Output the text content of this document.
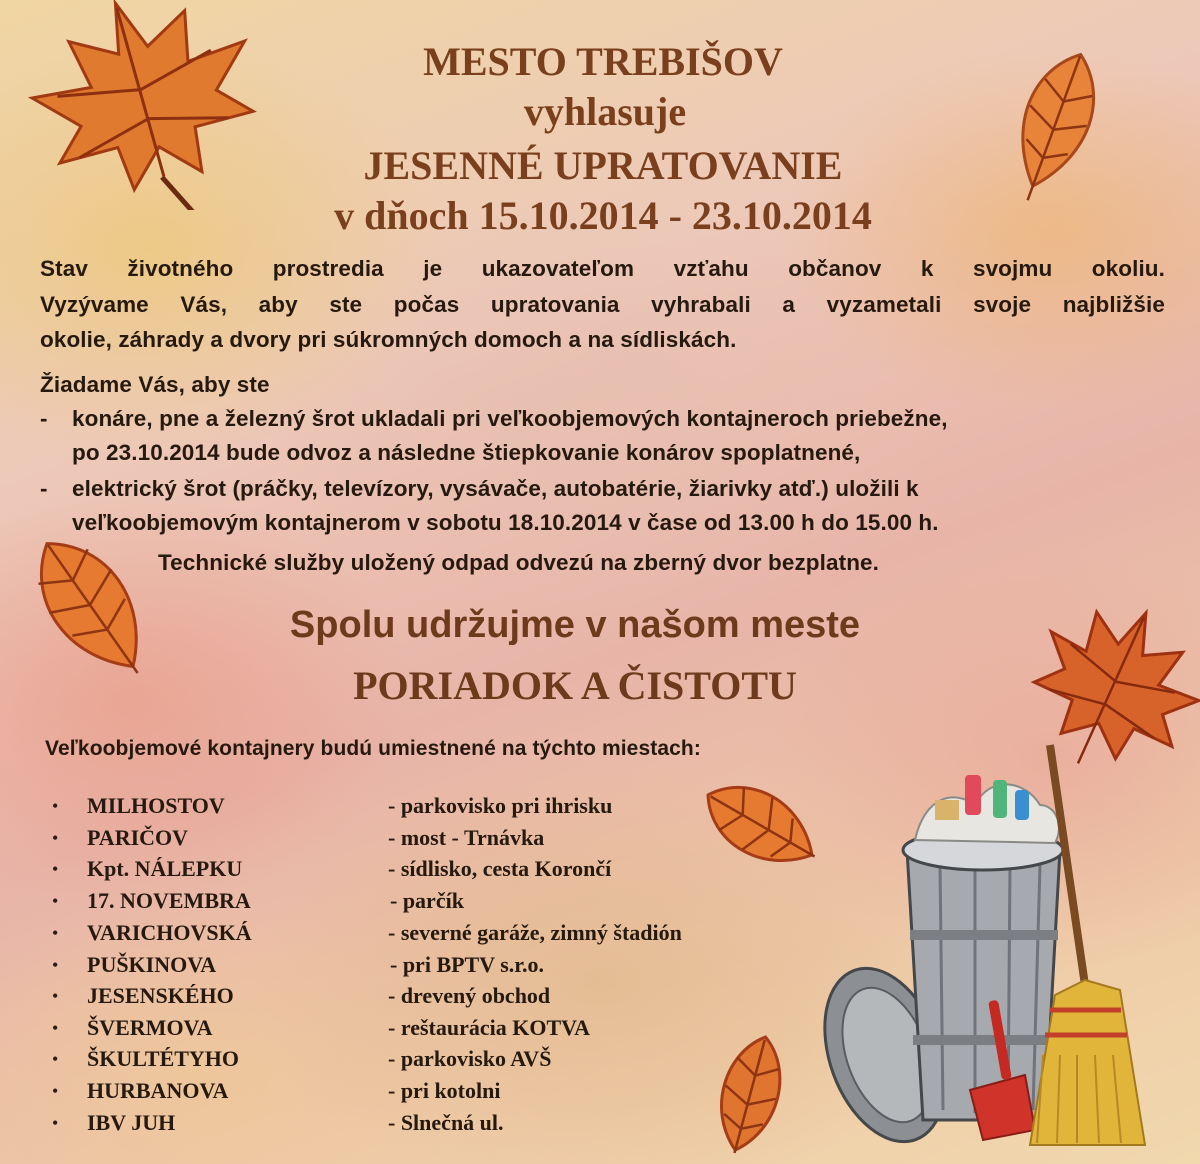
MESTO TREBIŠOV
vyhlasuje
JESENNÉ UPRATOVANIE
v dňoch 15.10.2014 - 23.10.2014
Stav životného prostredia je ukazovateľom vzťahu občanov k svojmu okoliu.
Vyzývame Vás, aby ste počas upratovania vyhrabali a vyzametali svoje najbližšie
okolie, záhrady a dvory pri súkromných domoch a na sídliskách.
Žiadame Vás, aby ste
- konáre, pne a železný šrot ukladali pri veľkoobjemových kontajneroch priebežne,
po 23.10.2014 bude odvoz a následne štiepkovanie konárov spoplatnené,
- elektrický šrot (práčky, televízory, vysávače, autobatérie, žiarivky atď.) uložili k
veľkoobjemovým kontajnerom v sobotu 18.10.2014 v čase od 13.00 h do 15.00 h.
Technické služby uložený odpad odvezú na zberný dvor bezplatne.
Spolu udržujme v našom meste
PORIADOK A ČISTOTU
Veľkoobjemové kontajnery budú umiestnené na týchto miestach:
• MILHOSTOV	- parkovisko pri ihrisku
• PARIČOV	- most - Trnávka
• Kpt. NÁLEPKU	- sídlisko, cesta Korončí
• 17. NOVEMBRA	- parčík
• VARICHOVSKÁ	- severné garáže, zimný štadión
• PUŠKINOVA	- pri BPTV s.r.o.
• JESENSKÉHO	- drevený obchod
• ŠVERMOVA	- reštaurácia KOTVA
• ŠKULTÉTYHO	- parkovisko AVŠ
• HURBANOVA	- pri kotolni
• IBV JUH	- Slnečná ul.
